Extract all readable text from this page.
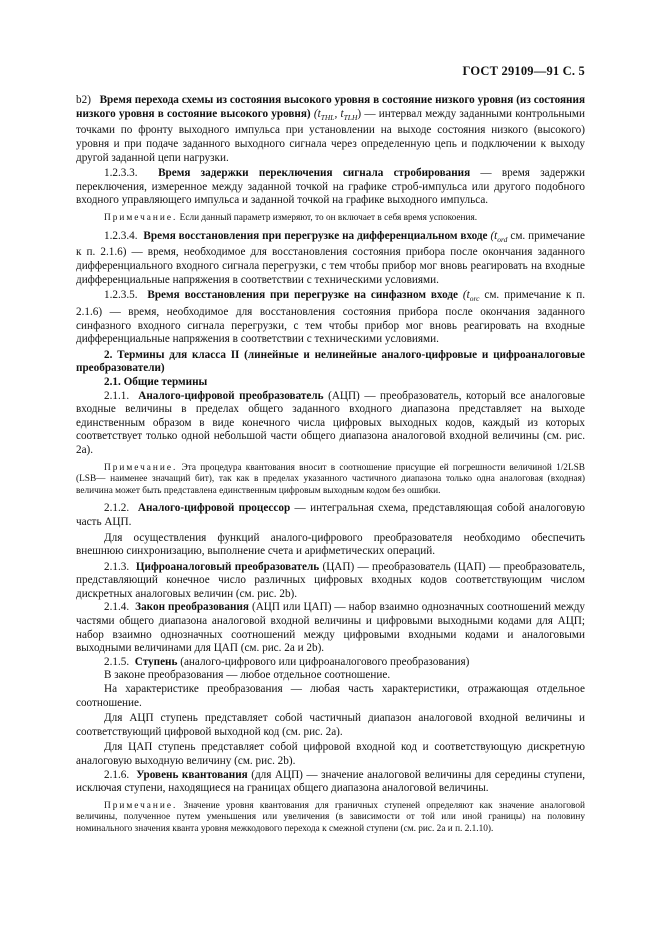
ГОСТ 29109—91 С. 5

b2) Время перехода схемы из состояния высокого уровня в состояние низкого уровня (из состояния низкого уровня в состояние высокого уровня) ($t_{THL}$, $t_{TLH}$) — интервал между заданными контрольными точками по фронту выходного импульса при установлении на выходе состояния низкого (высокого) уровня и при подаче заданного выходного сигнала через определенную цепь и подключении к выходу другой заданной цепи нагрузки.

1.2.3.3. Время задержки переключения сигнала стробирования — время задержки переключения, измеренное между заданной точкой на графике строб-импульса или другого подобного входного управляющего импульса и заданной точкой на графике выходного импульса.

Примечание. Если данный параметр измеряют, то он включает в себя время успокоения.

1.2.3.4. Время восстановления при перегрузке на дифференциальном входе ($t_{ord}$ см. примечание к п. 2.1.6) — время, необходимое для восстановления состояния прибора после окончания заданного дифференциального входного сигнала перегрузки, с тем чтобы прибор мог вновь реагировать на входные дифференциальные напряжения в соответствии с техническими условиями.

1.2.3.5. Время восстановления при перегрузке на синфазном входе ($t_{orc}$ см. примечание к п. 2.1.6) — время, необходимое для восстановления состояния прибора после окончания заданного синфазного входного сигнала перегрузки, с тем чтобы прибор мог вновь реагировать на входные дифференциальные напряжения в соответствии с техническими условиями.

2. Термины для класса II (линейные и нелинейные аналого-цифровые и цифроаналоговые преобразователи)

2.1. Общие термины

2.1.1. Аналого-цифровой преобразователь (АЦП) — преобразователь, который все аналоговые входные величины в пределах общего заданного входного диапазона представляет на выходе единственным образом в виде конечного числа цифровых выходных кодов, каждый из которых соответствует только одной небольшой части общего диапазона аналоговой входной величины (см. рис. 2a).

Примечание. Эта процедура квантования вносит в соотношение присущие ей погрешности величиной 1/2LSB (LSB— наименее значащий бит), так как в пределах указанного частичного диапазона только одна аналоговая (входная) величина может быть представлена единственным цифровым выходным кодом без ошибки.

2.1.2. Аналого-цифровой процессор — интегральная схема, представляющая собой аналоговую часть АЦП.

Для осуществления функций аналого-цифрового преобразователя необходимо обеспечить внешнюю синхронизацию, выполнение счета и арифметических операций.

2.1.3. Цифроаналоговый преобразователь (ЦАП) — преобразователь (ЦАП) — преобразователь, представляющий конечное число различных цифровых входных кодов соответствующим числом дискретных аналоговых величин (см. рис. 2b).

2.1.4. Закон преобразования (АЦП или ЦАП) — набор взаимно однозначных соотношений между частями общего диапазона аналоговой входной величины и цифровыми выходными кодами для АЦП; набор взаимно однозначных соотношений между цифровыми входными кодами и аналоговыми выходными величинами для ЦАП (см. рис. 2a и 2b).

2.1.5. Ступень (аналого-цифрового или цифроаналогового преобразования)

В законе преобразования — любое отдельное соотношение.

На характеристике преобразования — любая часть характеристики, отражающая отдельное соотношение.

Для АЦП ступень представляет собой частичный диапазон аналоговой входной величины и соответствующий цифровой выходной код (см. рис. 2a).

Для ЦАП ступень представляет собой цифровой входной код и соответствующую дискретную аналоговую выходную величину (см. рис. 2b).

2.1.6. Уровень квантования (для АЦП) — значение аналоговой величины для середины ступени, исключая ступени, находящиеся на границах общего диапазона аналоговой величины.

Примечание. Значение уровня квантования для граничных ступеней определяют как значение аналоговой величины, полученное путем уменьшения или увеличения (в зависимости от той или иной границы) на половину номинального значения кванта уровня межкодового перехода к смежной ступени (см. рис. 2a и п. 2.1.10).
